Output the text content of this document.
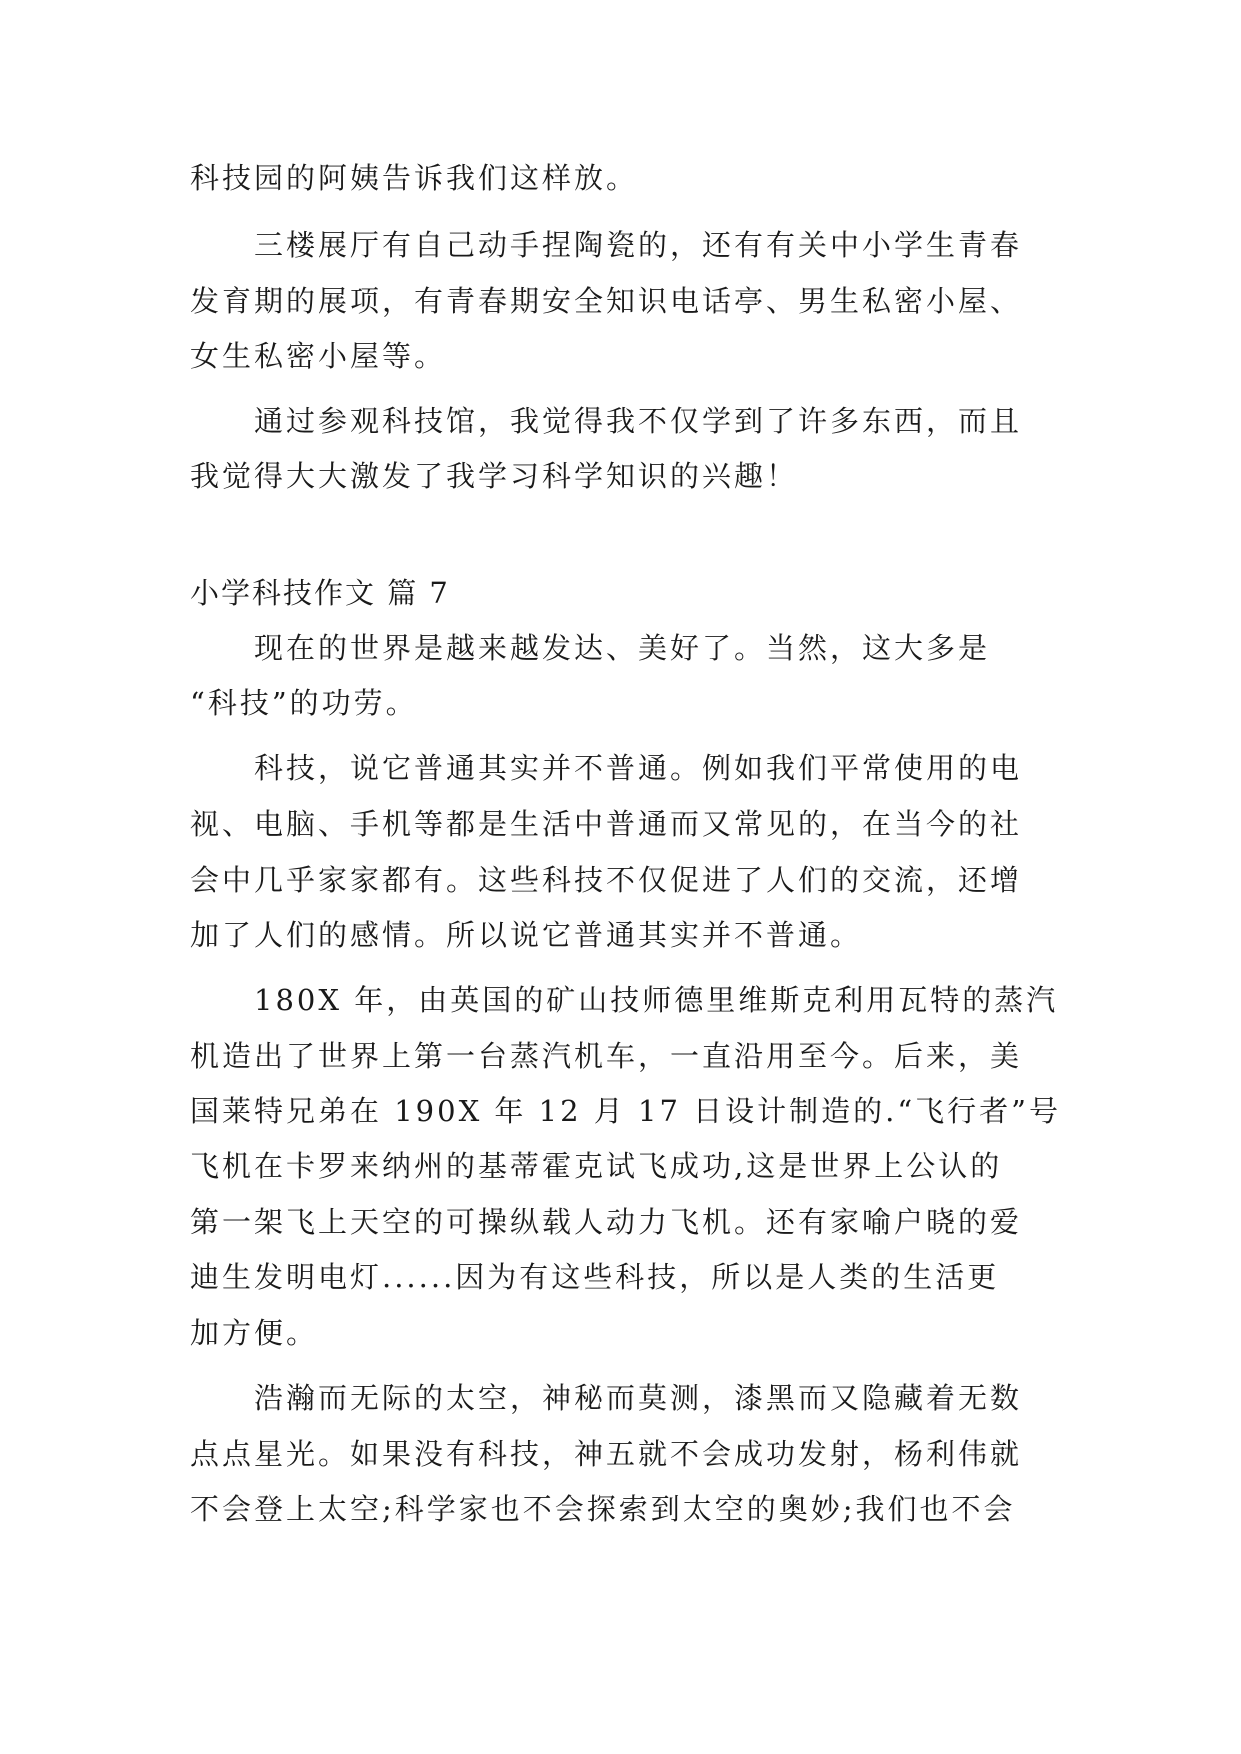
科技园的阿姨告诉我们这样放。
三楼展厅有自己动手捏陶瓷的，还有有关中小学生青春
发育期的展项，有青春期安全知识电话亭、男生私密小屋、
女生私密小屋等。
通过参观科技馆，我觉得我不仅学到了许多东西，而且
我觉得大大激发了我学习科学知识的兴趣！
小学科技作文 篇 7
现在的世界是越来越发达、美好了。当然，这大多是
“科技”的功劳。
科技，说它普通其实并不普通。例如我们平常使用的电
视、电脑、手机等都是生活中普通而又常见的，在当今的社
会中几乎家家都有。这些科技不仅促进了人们的交流，还增
加了人们的感情。所以说它普通其实并不普通。
180X 年，由英国的矿山技师德里维斯克利用瓦特的蒸汽
机造出了世界上第一台蒸汽机车，一直沿用至今。后来，美
国莱特兄弟在 190X 年 12 月 17 日设计制造的.“飞行者”号
飞机在卡罗来纳州的基蒂霍克试飞成功,这是世界上公认的
第一架飞上天空的可操纵载人动力飞机。还有家喻户晓的爱
迪生发明电灯......因为有这些科技，所以是人类的生活更
加方便。
浩瀚而无际的太空，神秘而莫测，漆黑而又隐藏着无数
点点星光。如果没有科技，神五就不会成功发射，杨利伟就
不会登上太空;科学家也不会探索到太空的奥妙;我们也不会
